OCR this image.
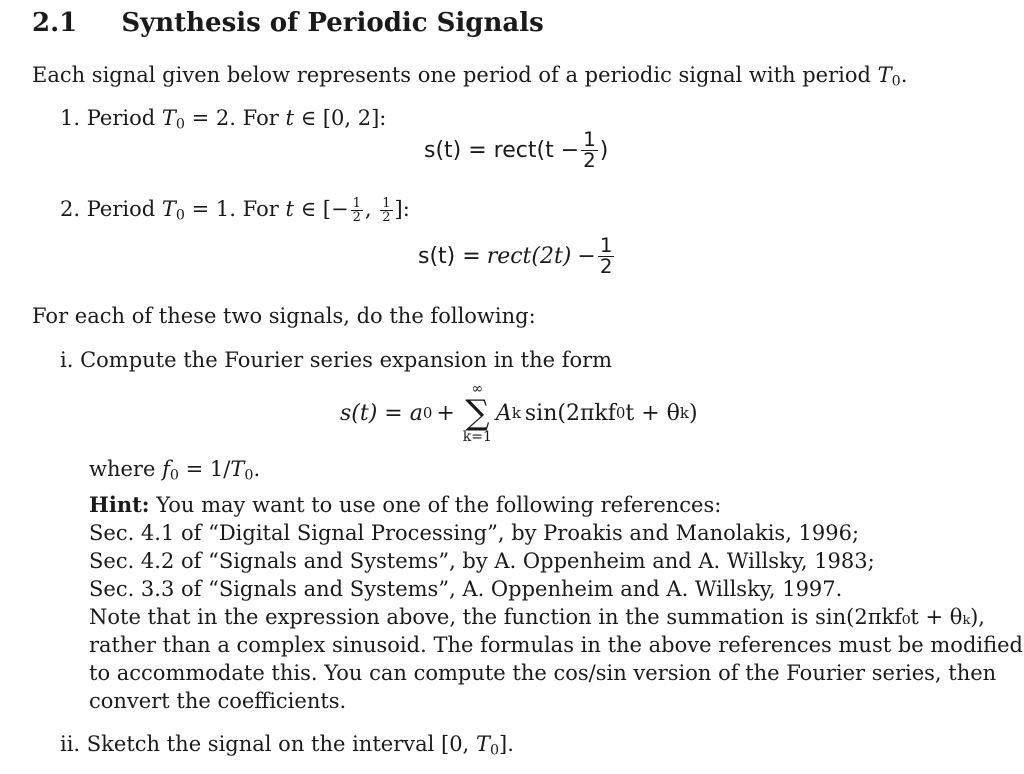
2.1 Synthesis of Periodic Signals
Each signal given below represents one period of a periodic signal with period $T_0$.
1. Period $T_0 = 2$. For t ∈ [0, 2]:
s(t) = rect(t − $\frac{1}{2}$ )
2. Period $T_0 = 1$. For t ∈ [− $\frac{1}{2}$ , $\frac{1}{2}$ ]:
s(t) = rect(2t) − $\frac{1}{2}$
For each of these two signals, do the following:
i. Compute the Fourier series expansion in the form
s(t) = a 0 +
∞
∑
k=1
A k sin(2πkf 0 t + θ k )
where $f_0 = 1/T_0$.
Hint: You may want to use one of the following references:
Sec. 4.1 of “Digital Signal Processing”, by Proakis and Manolakis, 1996;
Sec. 4.2 of “Signals and Systems”, by A. Oppenheim and A. Willsky, 1983;
Sec. 3.3 of “Signals and Systems”, A. Oppenheim and A. Willsky, 1997.
Note that in the expression above, the function in the summation is sin(2πkf₀t + θₖ),
rather than a complex sinusoid. The formulas in the above references must be modified
to accommodate this. You can compute the cos/sin version of the Fourier series, then
convert the coefficients.
ii. Sketch the signal on the interval [0, $T_0$].
